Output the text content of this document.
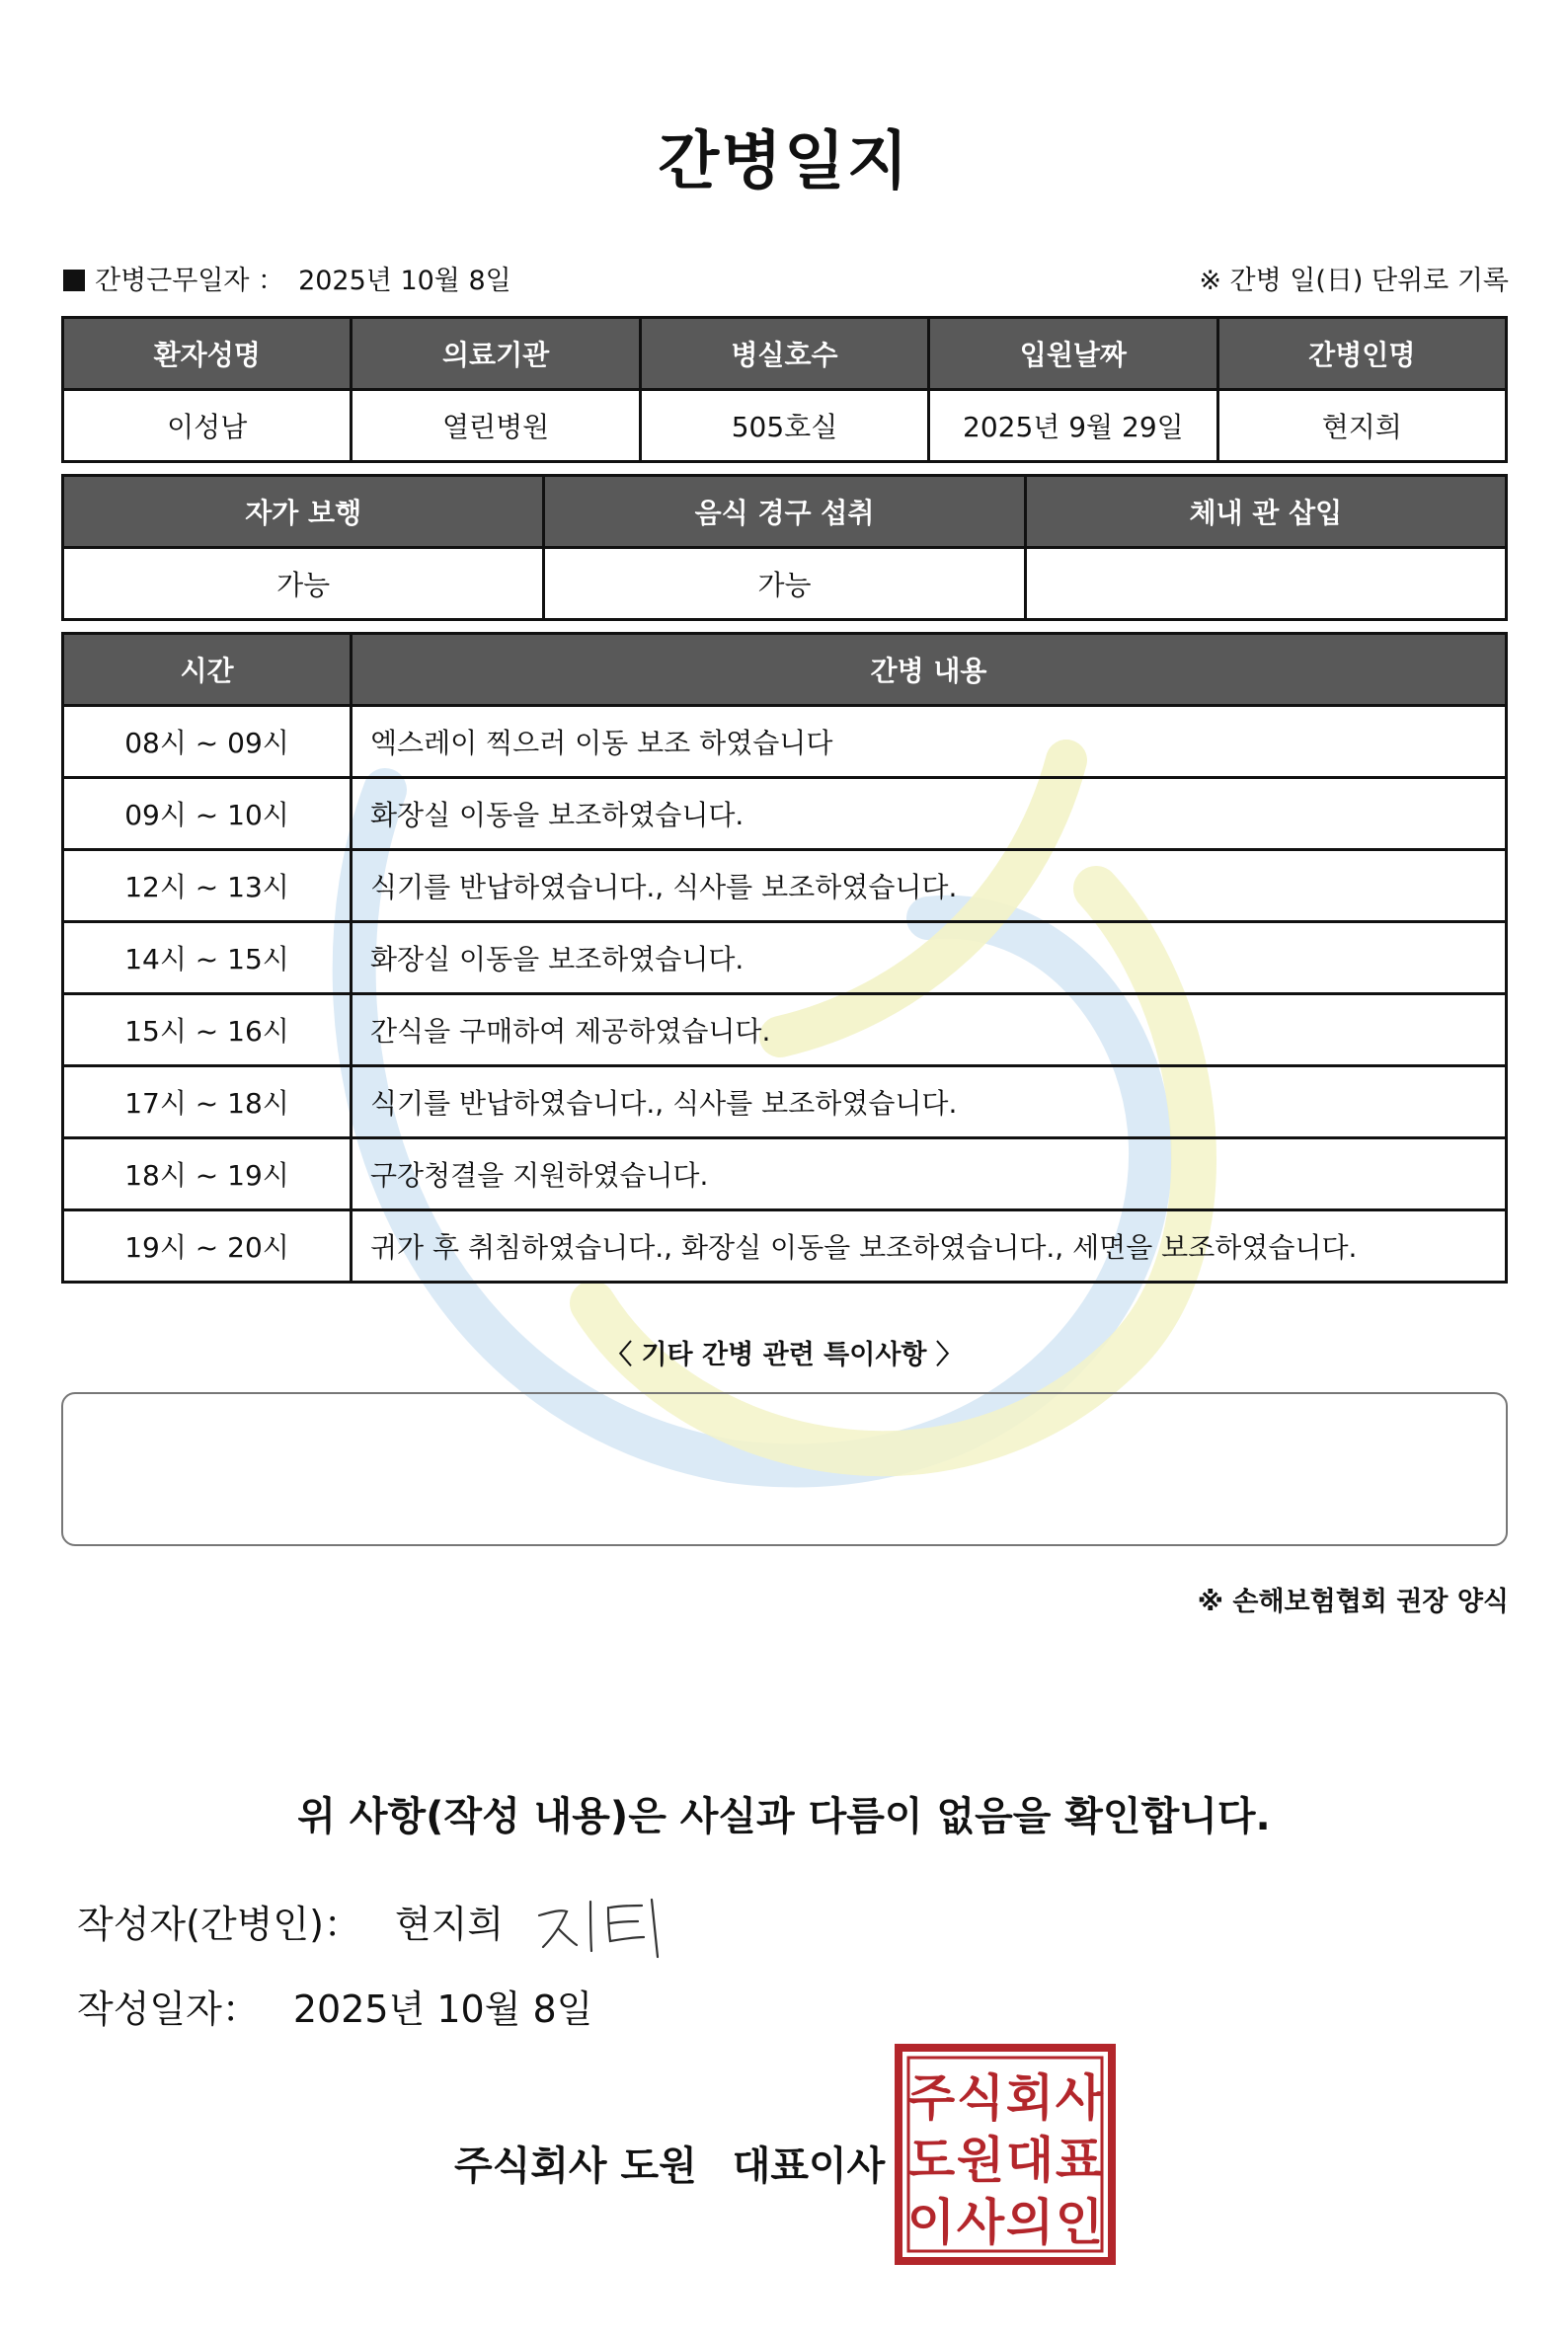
간병일지
간병근무일자 ： 2025년 10월 8일	※ 간병 일(日) 단위로 기록
환자성명	의료기관	병실호수	입원날짜	간병인명
이성남	열린병원	505호실	2025년 9월 29일	현지희
자가 보행	음식 경구 섭취	체내 관 삽입
가능	가능	
시간	간병 내용
08시 ~ 09시	엑스레이 찍으러 이동 보조 하였습니다
09시 ~ 10시	화장실 이동을 보조하였습니다.
12시 ~ 13시	식기를 반납하였습니다., 식사를 보조하였습니다.
14시 ~ 15시	화장실 이동을 보조하였습니다.
15시 ~ 16시	간식을 구매하여 제공하였습니다.
17시 ~ 18시	식기를 반납하였습니다., 식사를 보조하였습니다.
18시 ~ 19시	구강청결을 지원하였습니다.
19시 ~ 20시	귀가 후 취침하였습니다., 화장실 이동을 보조하였습니다., 세면을 보조하였습니다.
〈 기타 간병 관련 특이사항 〉
※ 손해보험협회 권장 양식
위 사항(작성 내용)은 사실과 다름이 없음을 확인합니다.
작성자(간병인)： 현지희
작성일자： 2025년 10월 8일
주식회사 도원 대표이사
주 식 회 사
도 원 대 표
이 사 의 인
